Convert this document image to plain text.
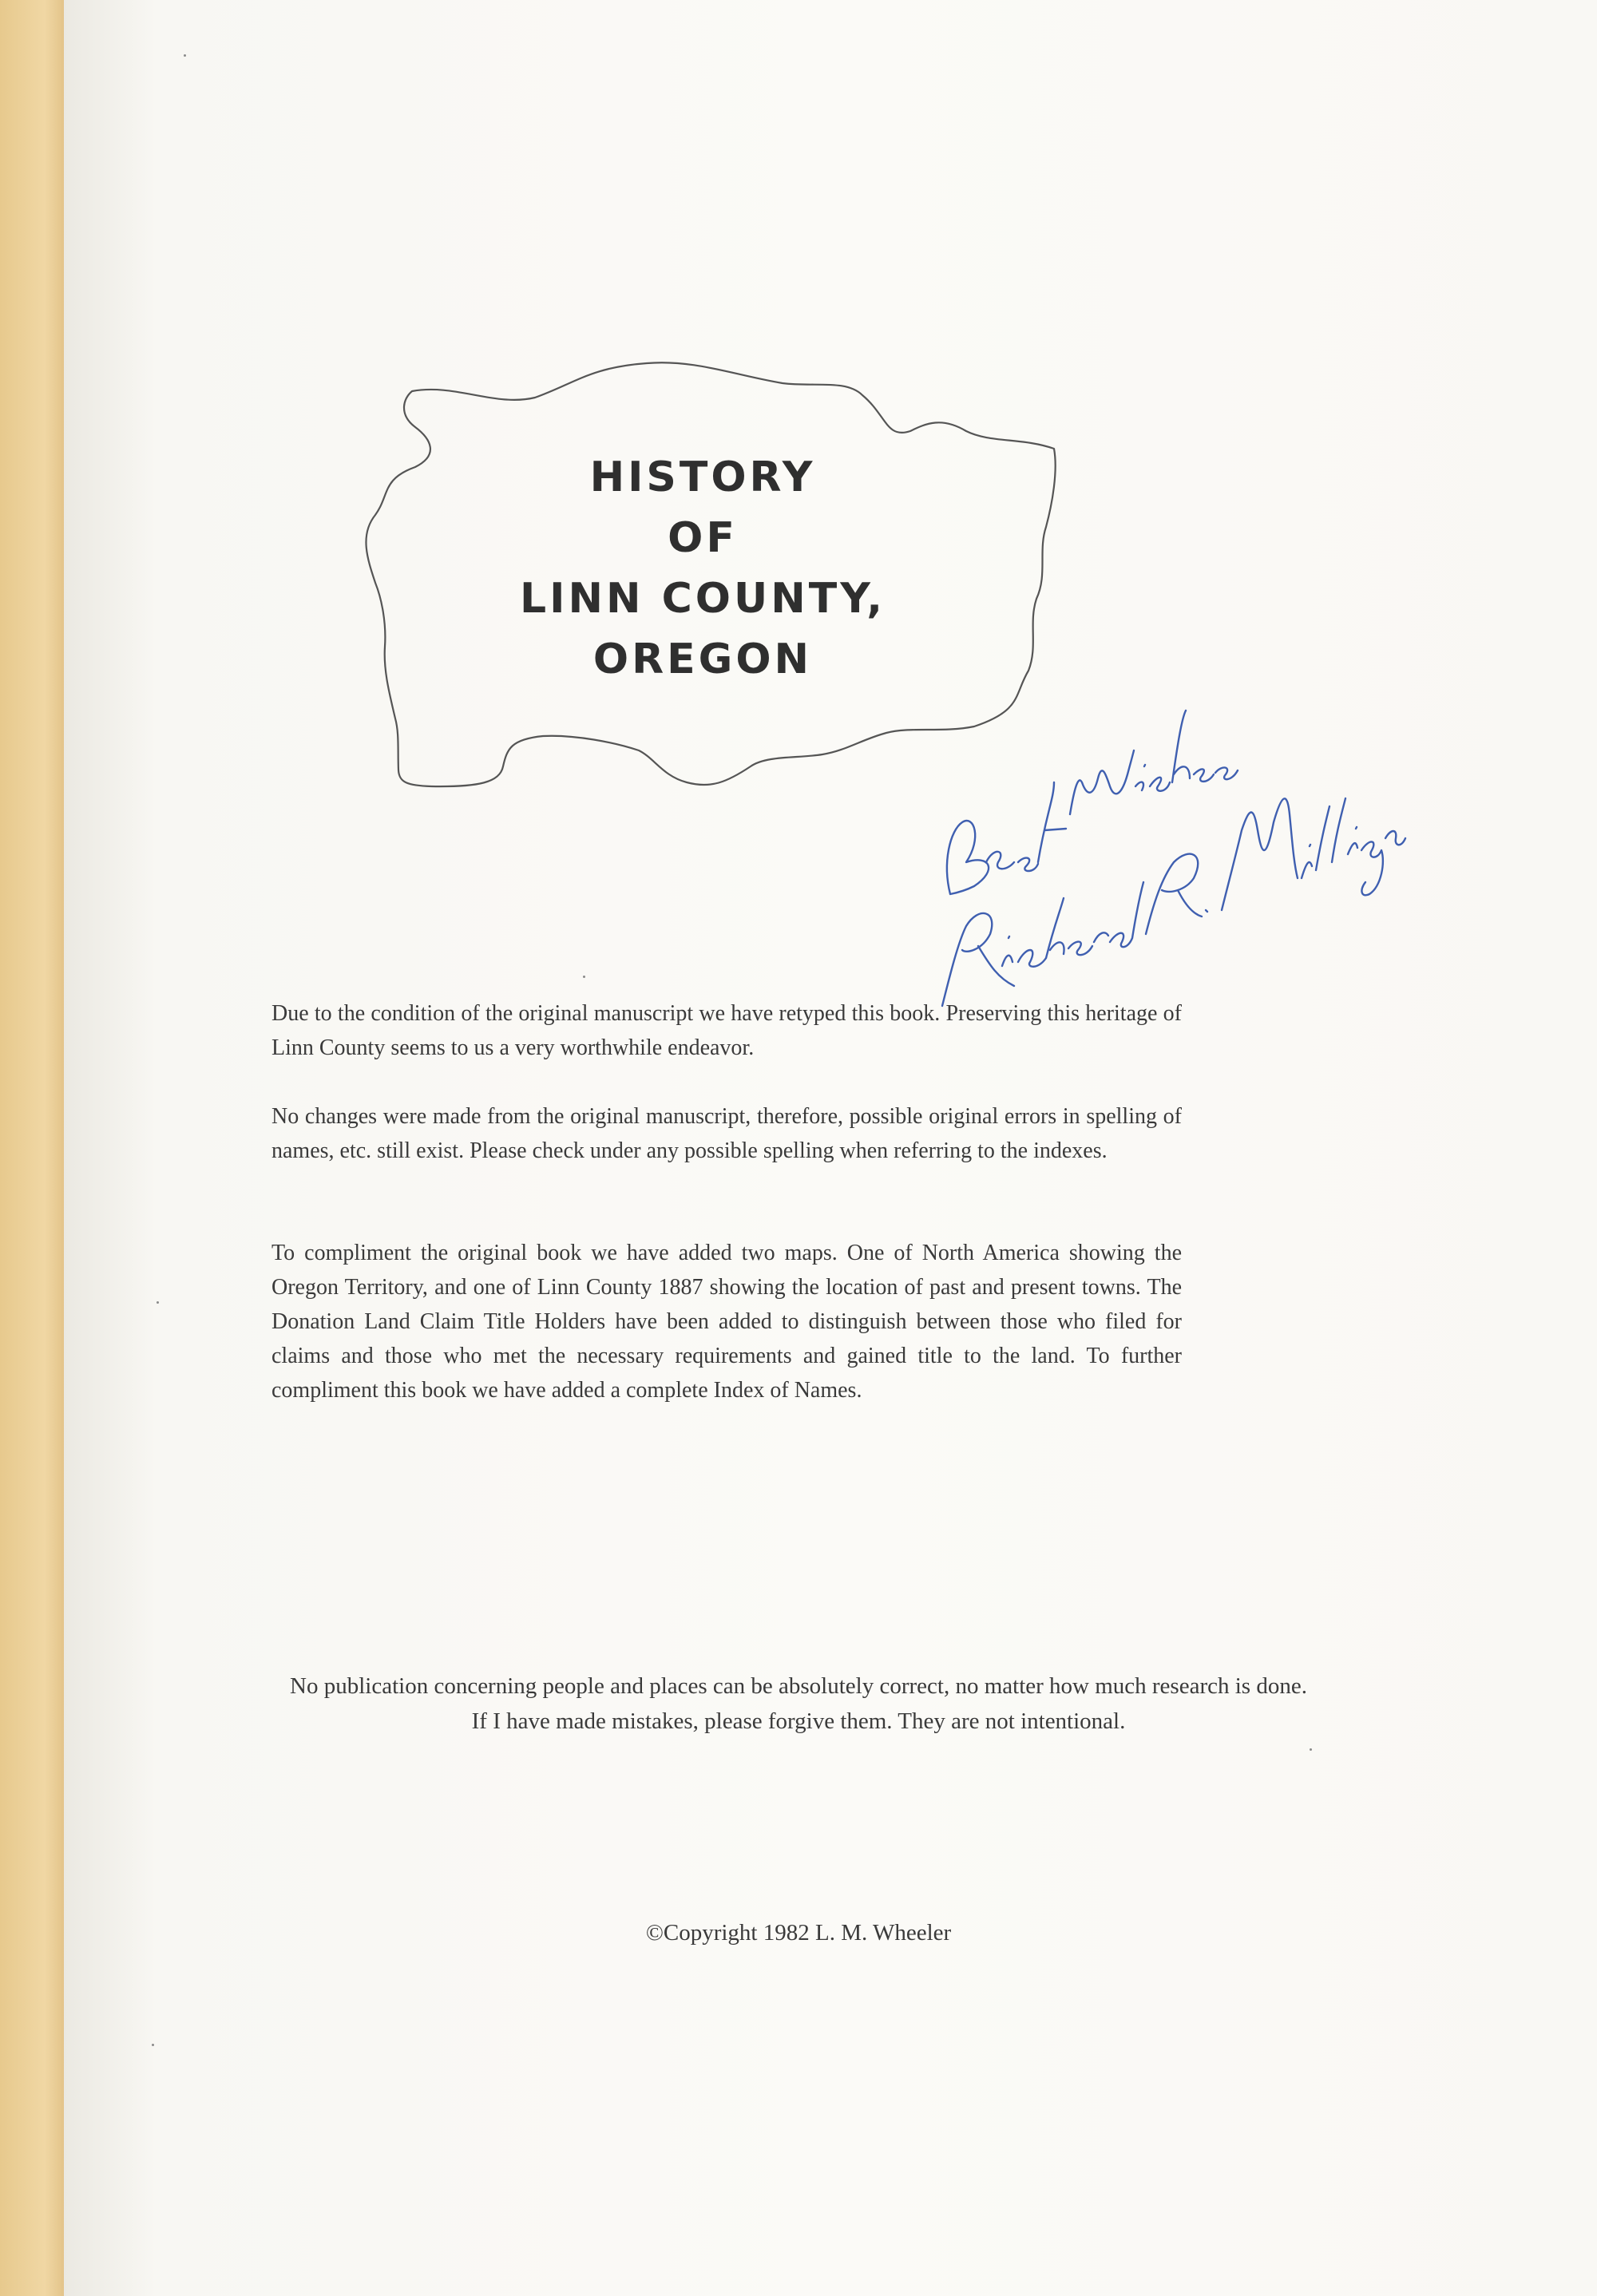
HISTORY
OF
LINN COUNTY,
OREGON
Due to the condition of the original manuscript we have retyped this book. Preserving this heritage of Linn County seems to us a very worthwhile endeavor.
No changes were made from the original manuscript, therefore, possible original errors in spelling of names, etc. still exist. Please check under any possible spelling when referring to the indexes.
To compliment the original book we have added two maps. One of North America showing the Oregon Territory, and one of Linn County 1887 showing the location of past and present towns. The Donation Land Claim Title Holders have been added to distinguish between those who filed for claims and those who met the necessary requirements and gained title to the land. To further compliment this book we have added a complete Index of Names.
No publication concerning people and places can be absolutely correct, no matter how much research is done.
If I have made mistakes, please forgive them. They are not intentional.
©Copyright 1982 L. M. Wheeler
